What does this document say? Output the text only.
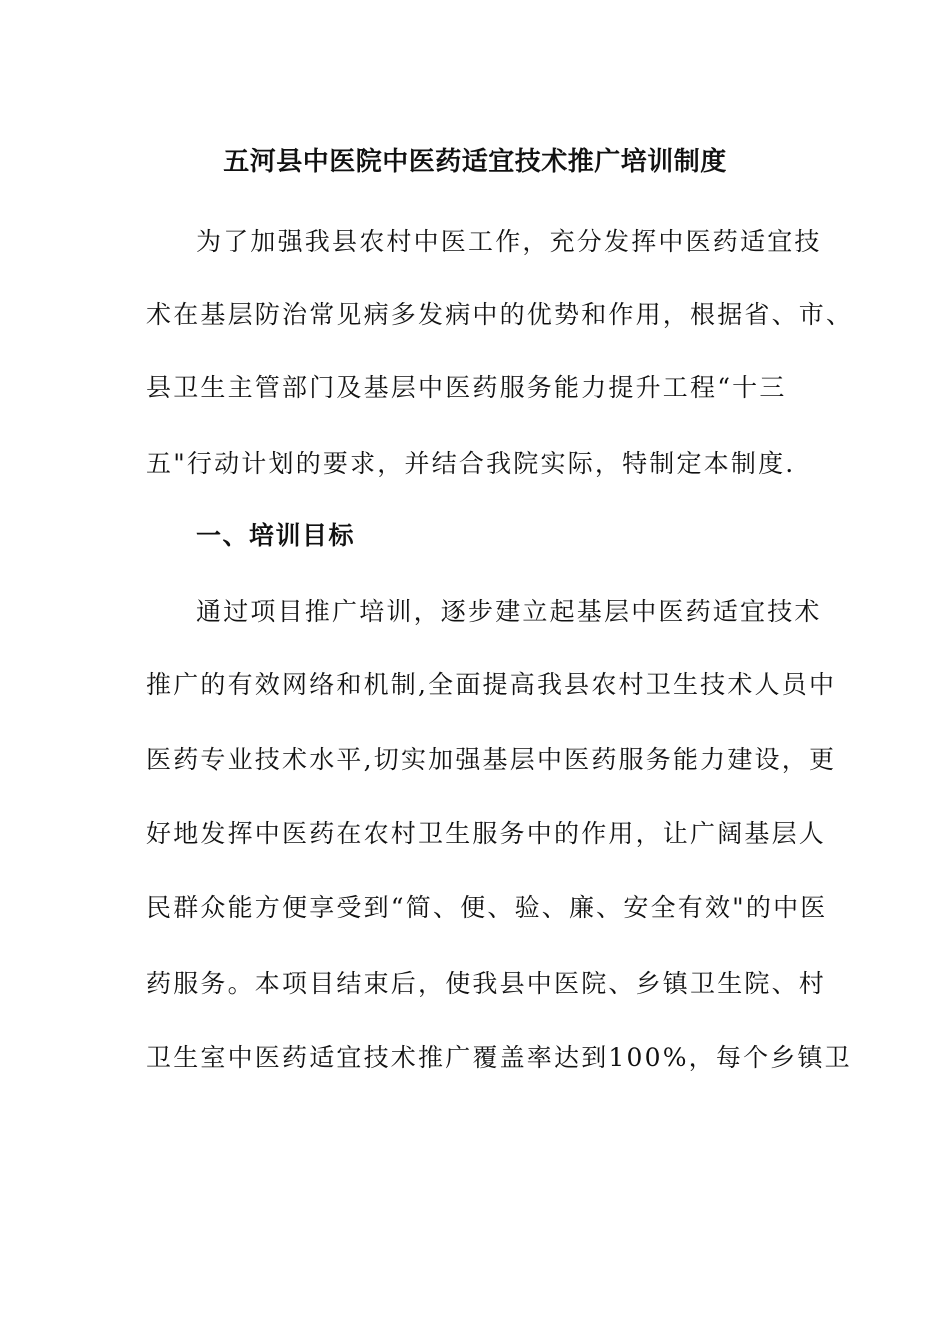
五河县中医院中医药适宜技术推广培训制度
为了加强我县农村中医工作，充分发挥中医药适宜技
术在基层防治常见病多发病中的优势和作用，根据省、市、
县卫生主管部门及基层中医药服务能力提升工程“十三
五"行动计划的要求，并结合我院实际，特制定本制度.
一、培训目标
通过项目推广培训，逐步建立起基层中医药适宜技术
推广的有效网络和机制,全面提高我县农村卫生技术人员中
医药专业技术水平,切实加强基层中医药服务能力建设，更
好地发挥中医药在农村卫生服务中的作用，让广阔基层人
民群众能方便享受到“简、便、验、廉、安全有效"的中医
药服务。本项目结束后，使我县中医院、乡镇卫生院、村
卫生室中医药适宜技术推广覆盖率达到100%，每个乡镇卫
